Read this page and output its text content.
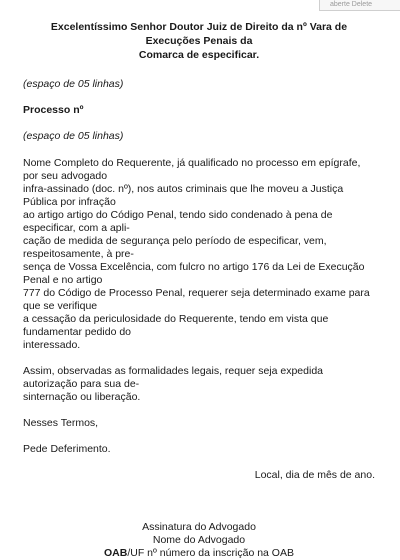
aberte Delete

Excelentíssimo Senhor Doutor Juiz de Direito da nº Vara de Execuções Penais da

Comarca de especificar.

(espaço de 05 linhas)

Processo nº

(espaço de 05 linhas)

Nome Completo do Requerente, já qualificado no processo em epígrafe, por seu advogado

infra-assinado (doc. nº), nos autos criminais que lhe moveu a Justiça Pública por infração

ao artigo artigo do Código Penal, tendo sido condenado à pena de especificar, com a apli-

cação de medida de segurança pelo período de especificar, vem, respeitosamente, à pre-

sença de Vossa Excelência, com fulcro no artigo 176 da Lei de Execução Penal e no artigo

777 do Código de Processo Penal, requerer seja determinado exame para que se verifique

a cessação da periculosidade do Requerente, tendo em vista que fundamentar pedido do

interessado.

Assim, observadas as formalidades legais, requer seja expedida autorização para sua de-

sinternação ou liberação.

Nesses Termos,

Pede Deferimento.

Local, dia de mês de ano.

Assinatura do Advogado
Nome do Advogado
OAB/UF nº número da inscrição na OAB
